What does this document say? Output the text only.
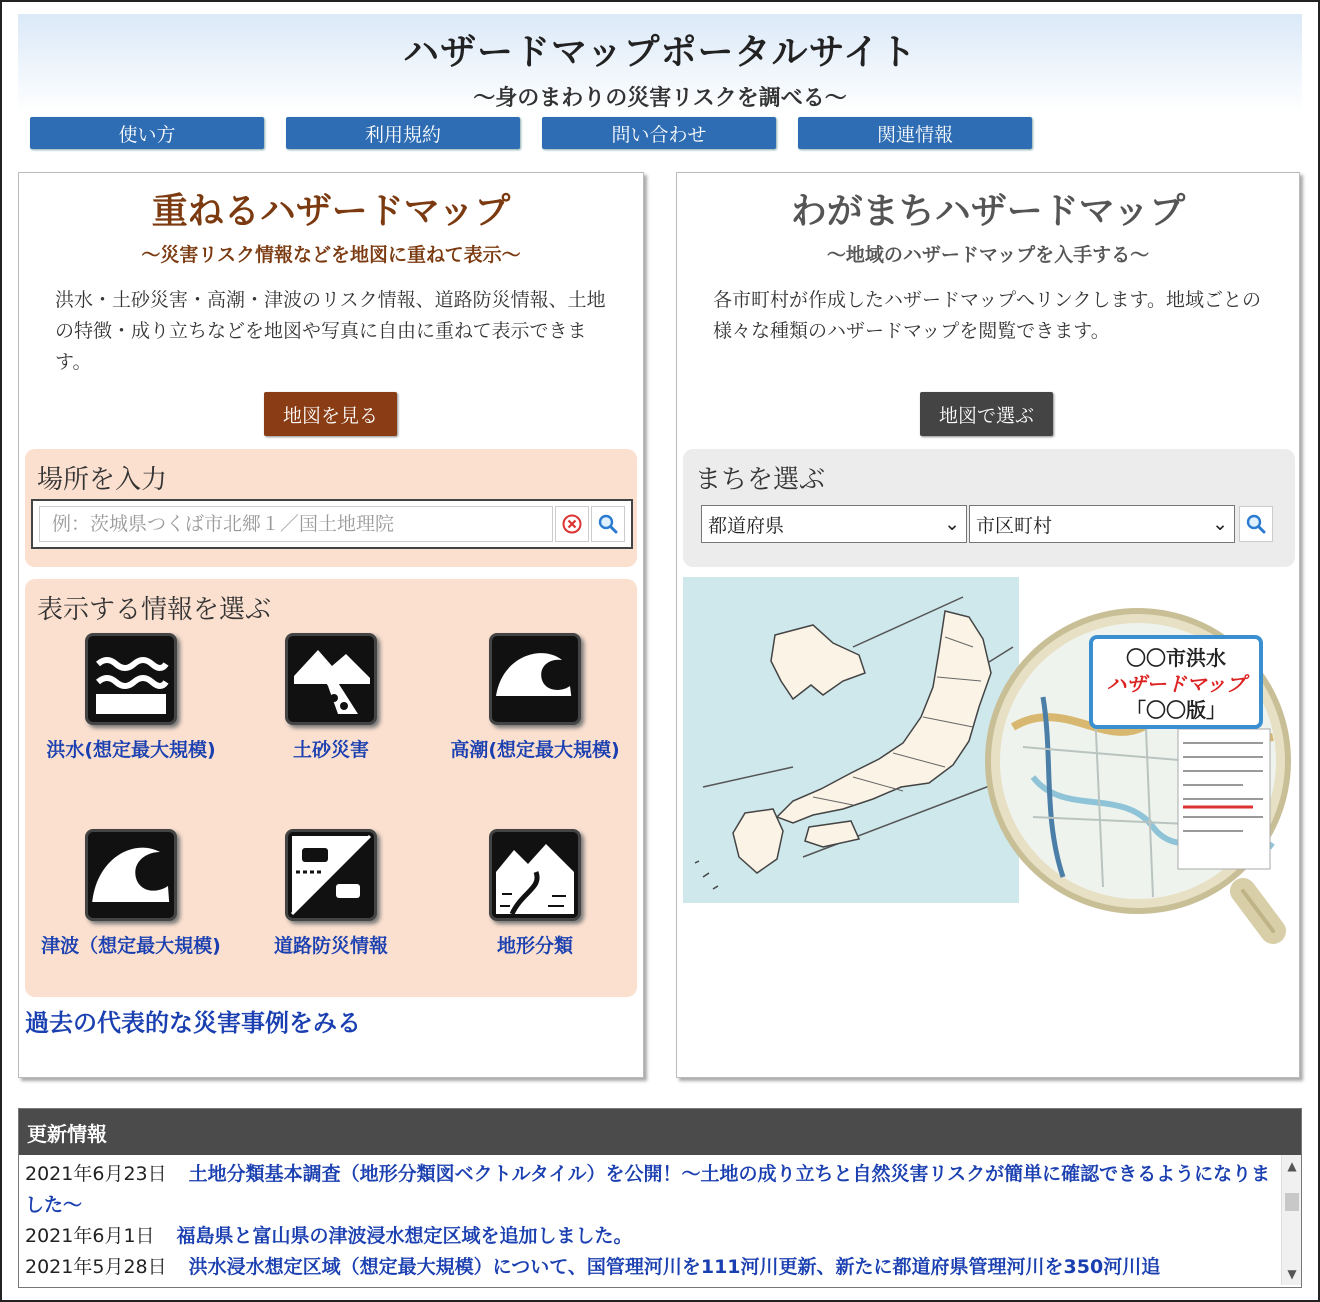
ハザードマップポータルサイト
～身のまわりの災害リスクを調べる～
使い方	利用規約	問い合わせ	関連情報
重ねるハザードマップ
～災害リスク情報などを地図に重ねて表示～
洪水・土砂災害・高潮・津波のリスク情報、道路防災情報、土地の特徴・成り立ちなどを地図や写真に自由に重ねて表示できます。
地図を見る
場所を入力
例：茨城県つくば市北郷１／国土地理院
表示する情報を選ぶ
洪水(想定最大規模)	土砂災害	高潮(想定最大規模)
津波（想定最大規模)	道路防災情報	地形分類
過去の代表的な災害事例をみる
わがまちハザードマップ
～地域のハザードマップを入手する～
各市町村が作成したハザードマップへリンクします。地域ごとの様々な種類のハザードマップを閲覧できます。
地図で選ぶ
まちを選ぶ
都道府県	⌄ 市区町村	⌄
〇〇市洪水
ハザードマップ
「〇〇版」
更新情報
2021年6月23日 土地分類基本調査（地形分類図ベクトルタイル）を公開！～土地の成り立ちと自然災害リスクが簡単に確認できるようになりました～
2021年6月1日 福島県と富山県の津波浸水想定区域を追加しました。
2021年5月28日 洪水浸水想定区域（想定最大規模）について、国管理河川を111河川更新、新たに都道府県管理河川を350河川追
▲
▼
